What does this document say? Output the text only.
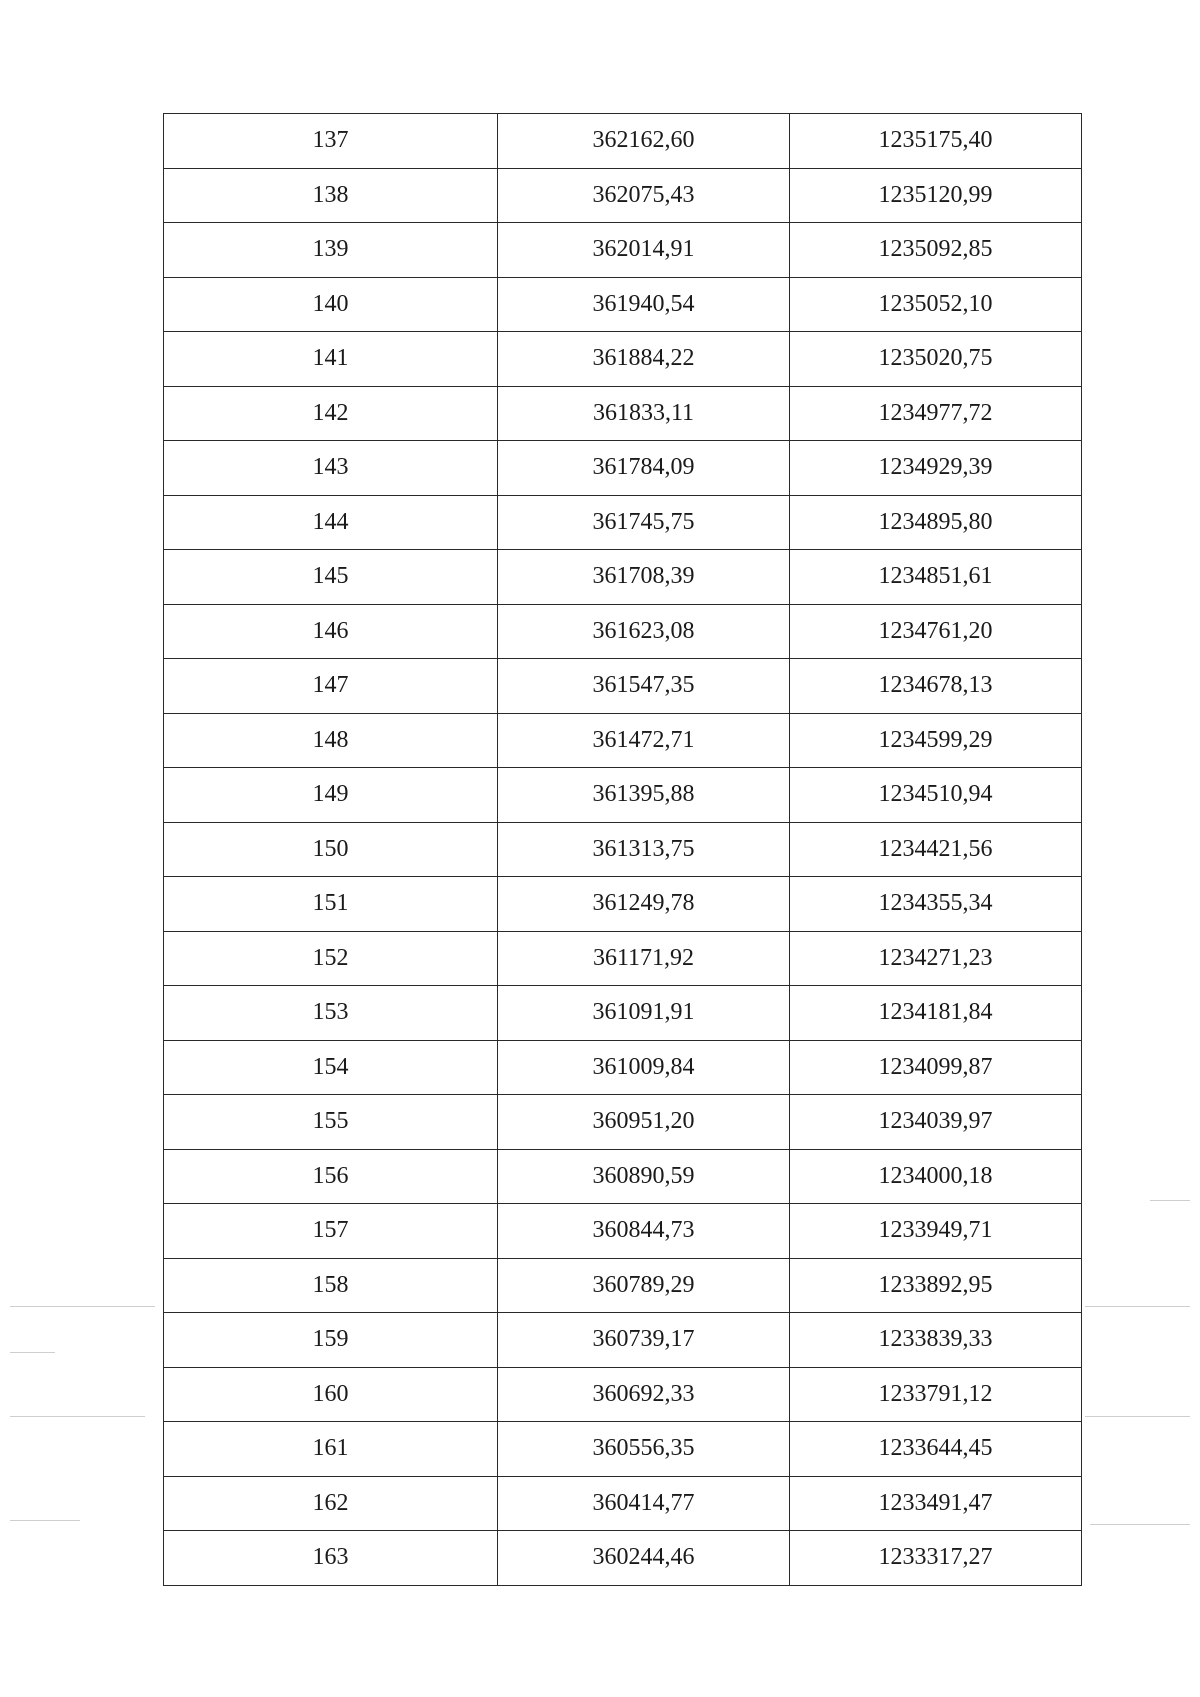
137	362162,60	1235175,40
138	362075,43	1235120,99
139	362014,91	1235092,85
140	361940,54	1235052,10
141	361884,22	1235020,75
142	361833,11	1234977,72
143	361784,09	1234929,39
144	361745,75	1234895,80
145	361708,39	1234851,61
146	361623,08	1234761,20
147	361547,35	1234678,13
148	361472,71	1234599,29
149	361395,88	1234510,94
150	361313,75	1234421,56
151	361249,78	1234355,34
152	361171,92	1234271,23
153	361091,91	1234181,84
154	361009,84	1234099,87
155	360951,20	1234039,97
156	360890,59	1234000,18
157	360844,73	1233949,71
158	360789,29	1233892,95
159	360739,17	1233839,33
160	360692,33	1233791,12
161	360556,35	1233644,45
162	360414,77	1233491,47
163	360244,46	1233317,27
